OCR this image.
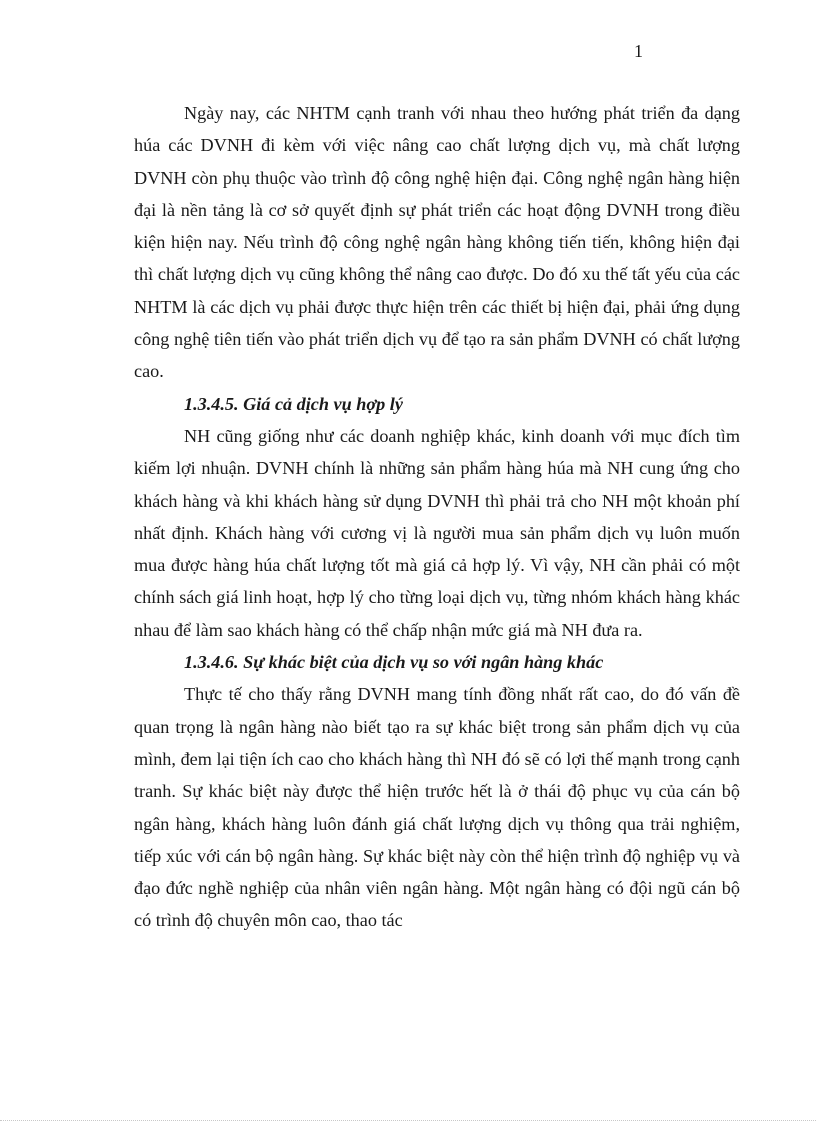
1

Ngày nay, các NHTM cạnh tranh với nhau theo hướng phát triển đa dạng húa các DVNH đi kèm với việc nâng cao chất lượng dịch vụ, mà chất lượng DVNH còn phụ thuộc vào trình độ công nghệ hiện đại. Công nghệ ngân hàng hiện đại là nền tảng là cơ sở quyết định sự phát triển các hoạt động DVNH trong điều kiện hiện nay. Nếu trình độ công nghệ ngân hàng không tiến tiến, không hiện đại thì chất lượng dịch vụ cũng không thể nâng cao được. Do đó xu thế tất yếu của các NHTM là các dịch vụ phải được thực hiện trên các thiết bị hiện đại, phải ứng dụng công nghệ tiên tiến vào phát triển dịch vụ để tạo ra sản phẩm DVNH có chất lượng cao.

1.3.4.5. Giá cả dịch vụ hợp lý

NH cũng giống như các doanh nghiệp khác, kinh doanh với mục đích tìm kiếm lợi nhuận. DVNH chính là những sản phẩm hàng húa mà NH cung ứng cho khách hàng và khi khách hàng sử dụng DVNH thì phải trả cho NH một khoản phí nhất định. Khách hàng với cương vị là người mua sản phẩm dịch vụ luôn muốn mua được hàng húa chất lượng tốt mà giá cả hợp lý. Vì vậy, NH cần phải có một chính sách giá linh hoạt, hợp lý cho từng loại dịch vụ, từng nhóm khách hàng khác nhau để làm sao khách hàng có thể chấp nhận mức giá mà NH đưa ra.

1.3.4.6. Sự khác biệt của dịch vụ so với ngân hàng khác

Thực tế cho thấy rằng DVNH mang tính đồng nhất rất cao, do đó vấn đề quan trọng là ngân hàng nào biết tạo ra sự khác biệt trong sản phẩm dịch vụ của mình, đem lại tiện ích cao cho khách hàng thì NH đó sẽ có lợi thế mạnh trong cạnh tranh. Sự khác biệt này được thể hiện trước hết là ở thái độ phục vụ của cán bộ ngân hàng, khách hàng luôn đánh giá chất lượng dịch vụ thông qua trải nghiệm, tiếp xúc với cán bộ ngân hàng. Sự khác biệt này còn thể hiện trình độ nghiệp vụ và đạo đức nghề nghiệp của nhân viên ngân hàng. Một ngân hàng có đội ngũ cán bộ có trình độ chuyên môn cao, thao tác
